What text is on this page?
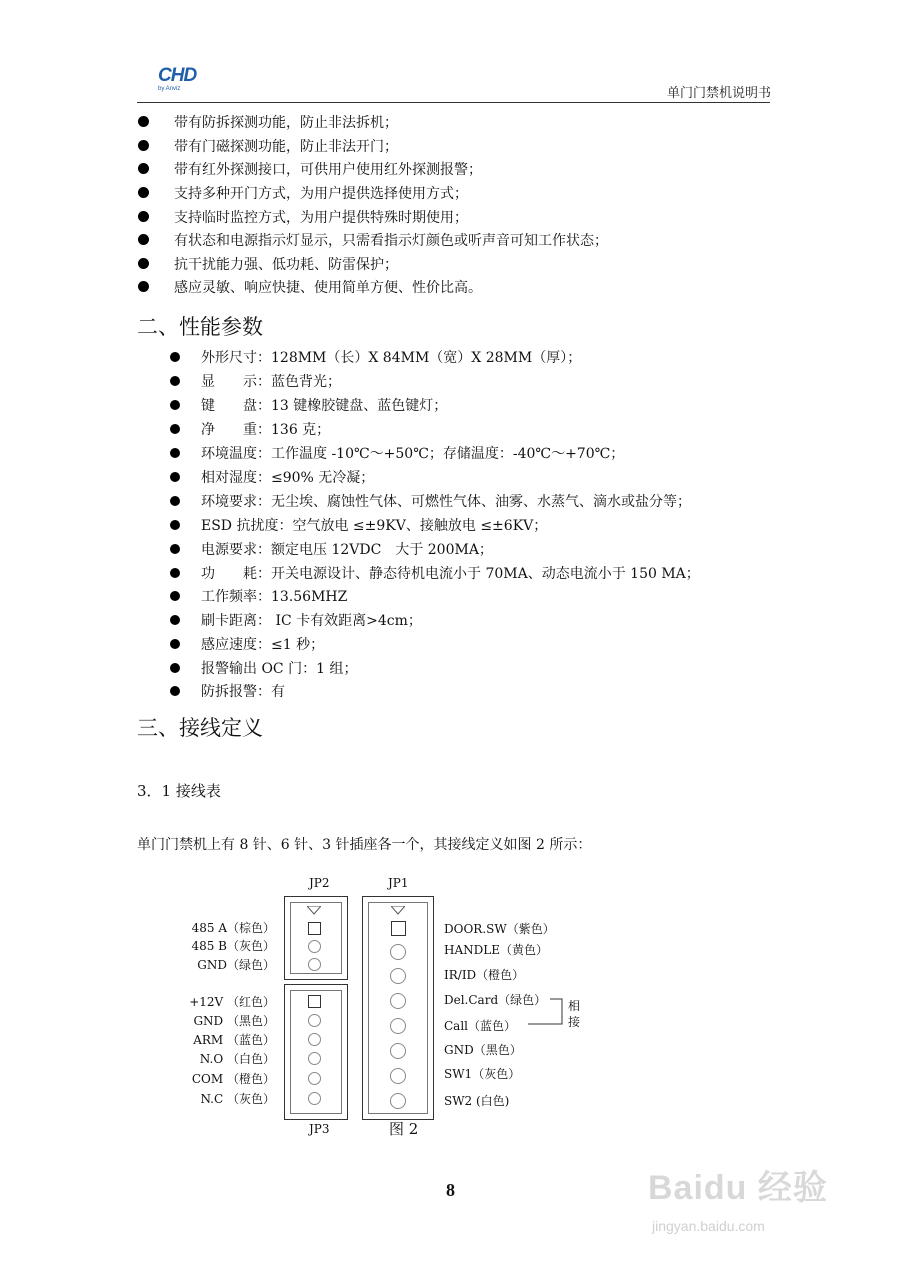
CHD
by Anviz	单门门禁机说明书
带有防拆探测功能，防止非法拆机；
带有门磁探测功能，防止非法开门；
带有红外探测接口，可供用户使用红外探测报警；
支持多种开门方式，为用户提供选择使用方式；
支持临时监控方式，为用户提供特殊时期使用；
有状态和电源指示灯显示，只需看指示灯颜色或听声音可知工作状态；
抗干扰能力强、低功耗、防雷保护；
感应灵敏、响应快捷、使用简单方便、性价比高。
二、性能参数
外形尺寸：128MM（长）X 84MM（宽）X 28MM（厚）；
显　　示：蓝色背光；
键　　盘：13 键橡胶键盘、蓝色键灯；
净　　重：136 克；
环境温度：工作温度 -10℃～+50℃；存储温度：-40℃～+70℃；
相对湿度：≤90% 无冷凝；
环境要求：无尘埃、腐蚀性气体、可燃性气体、油雾、水蒸气、滴水或盐分等；
ESD 抗扰度：空气放电 ≤±9KV、接触放电 ≤±6KV；
电源要求：额定电压 12VDC　大于 200MA；
功　　耗：开关电源设计、静态待机电流小于 70MA、动态电流小于 150 MA；
工作频率：13.56MHZ
刷卡距离： IC 卡有效距离>4cm；
感应速度：≤1 秒；
报警输出 OC 门：1 组；
防拆报警：有
三、接线定义
3．1 接线表
单门门禁机上有 8 针、6 针、3 针插座各一个，其接线定义如图 2 所示：
JP2	JP1
485 A（棕色）
485 B（灰色）
GND（绿色）
+12V （红色）
GND （黑色）
ARM （蓝色）
N.O （白色）
COM （橙色）
N.C （灰色）
DOOR.SW（紫色）
HANDLE（黄色）
IR/ID（橙色）
Del.Card（绿色）
Call（蓝色）
GND（黑色）
SW1（灰色）
SW2 (白色)
相
接
JP3	图 2
8	Baidu 经验
jingyan.baidu.com
